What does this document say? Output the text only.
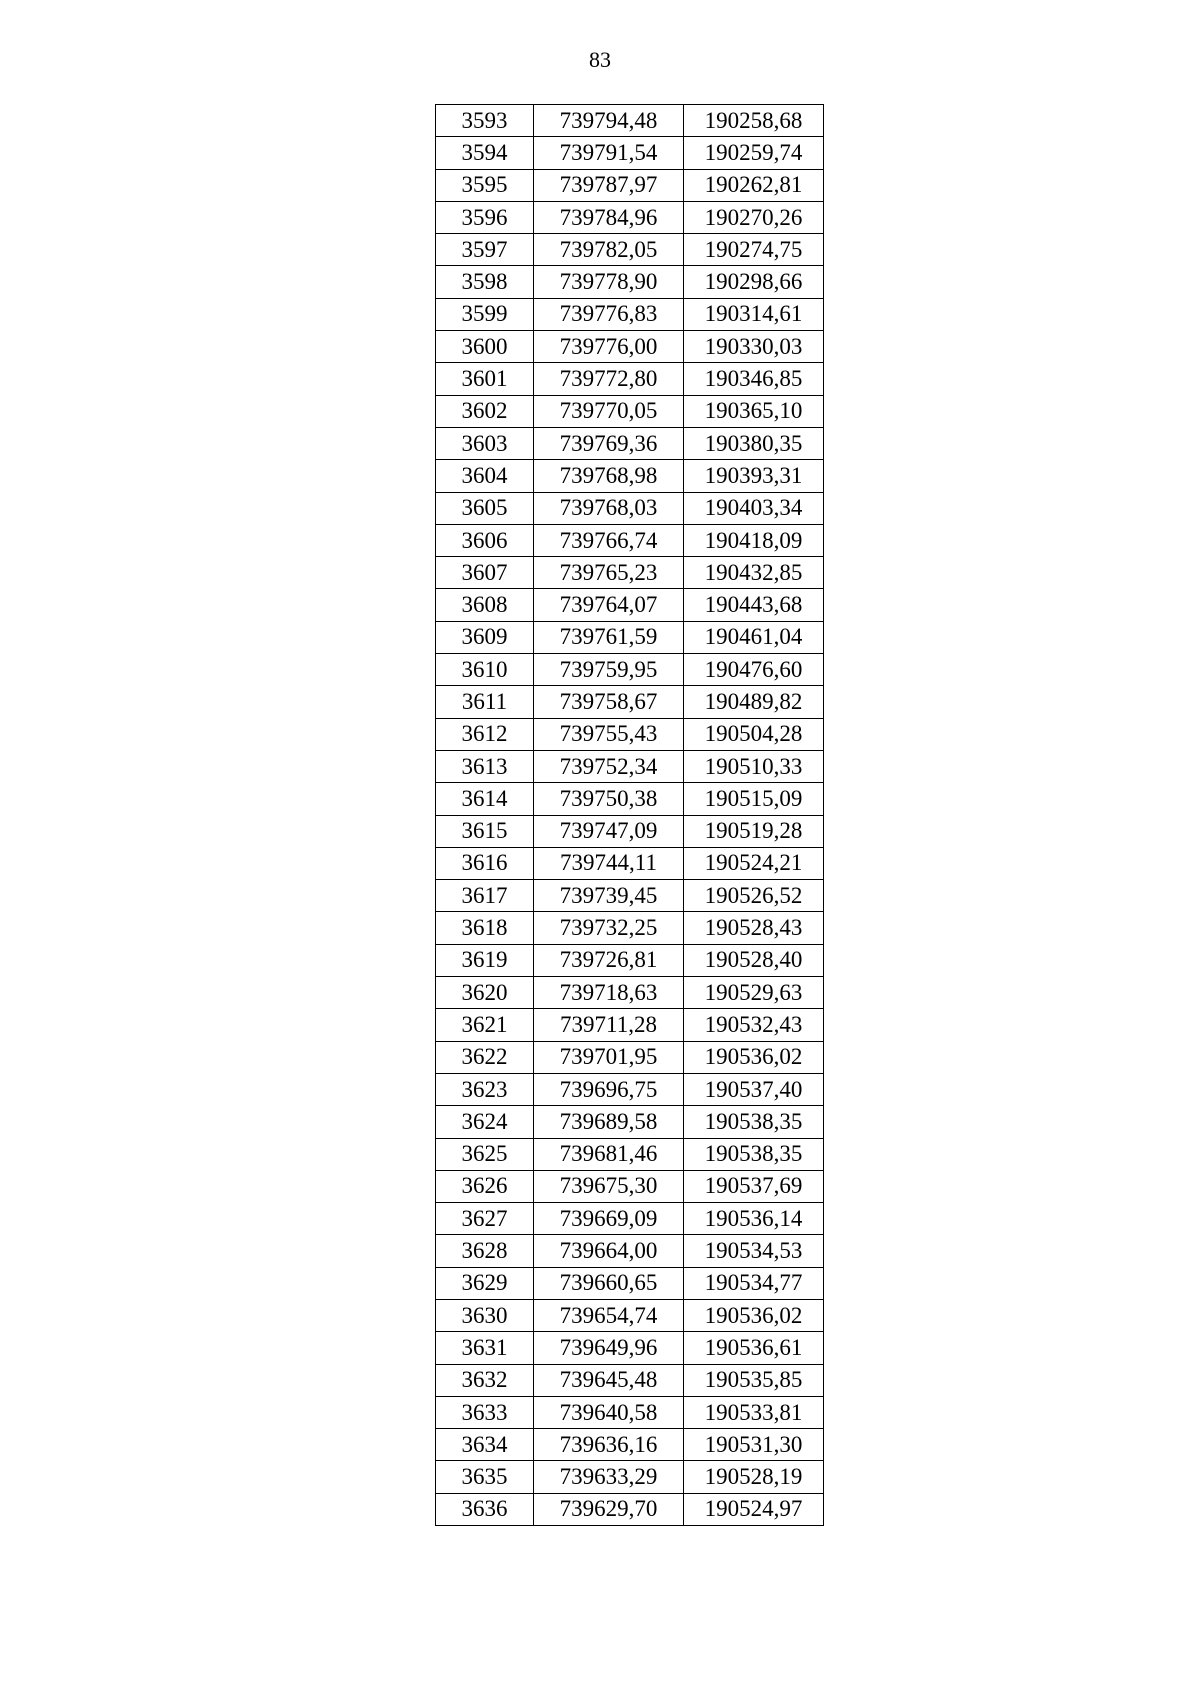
83
3593	739794,48	190258,68
3594	739791,54	190259,74
3595	739787,97	190262,81
3596	739784,96	190270,26
3597	739782,05	190274,75
3598	739778,90	190298,66
3599	739776,83	190314,61
3600	739776,00	190330,03
3601	739772,80	190346,85
3602	739770,05	190365,10
3603	739769,36	190380,35
3604	739768,98	190393,31
3605	739768,03	190403,34
3606	739766,74	190418,09
3607	739765,23	190432,85
3608	739764,07	190443,68
3609	739761,59	190461,04
3610	739759,95	190476,60
3611	739758,67	190489,82
3612	739755,43	190504,28
3613	739752,34	190510,33
3614	739750,38	190515,09
3615	739747,09	190519,28
3616	739744,11	190524,21
3617	739739,45	190526,52
3618	739732,25	190528,43
3619	739726,81	190528,40
3620	739718,63	190529,63
3621	739711,28	190532,43
3622	739701,95	190536,02
3623	739696,75	190537,40
3624	739689,58	190538,35
3625	739681,46	190538,35
3626	739675,30	190537,69
3627	739669,09	190536,14
3628	739664,00	190534,53
3629	739660,65	190534,77
3630	739654,74	190536,02
3631	739649,96	190536,61
3632	739645,48	190535,85
3633	739640,58	190533,81
3634	739636,16	190531,30
3635	739633,29	190528,19
3636	739629,70	190524,97
